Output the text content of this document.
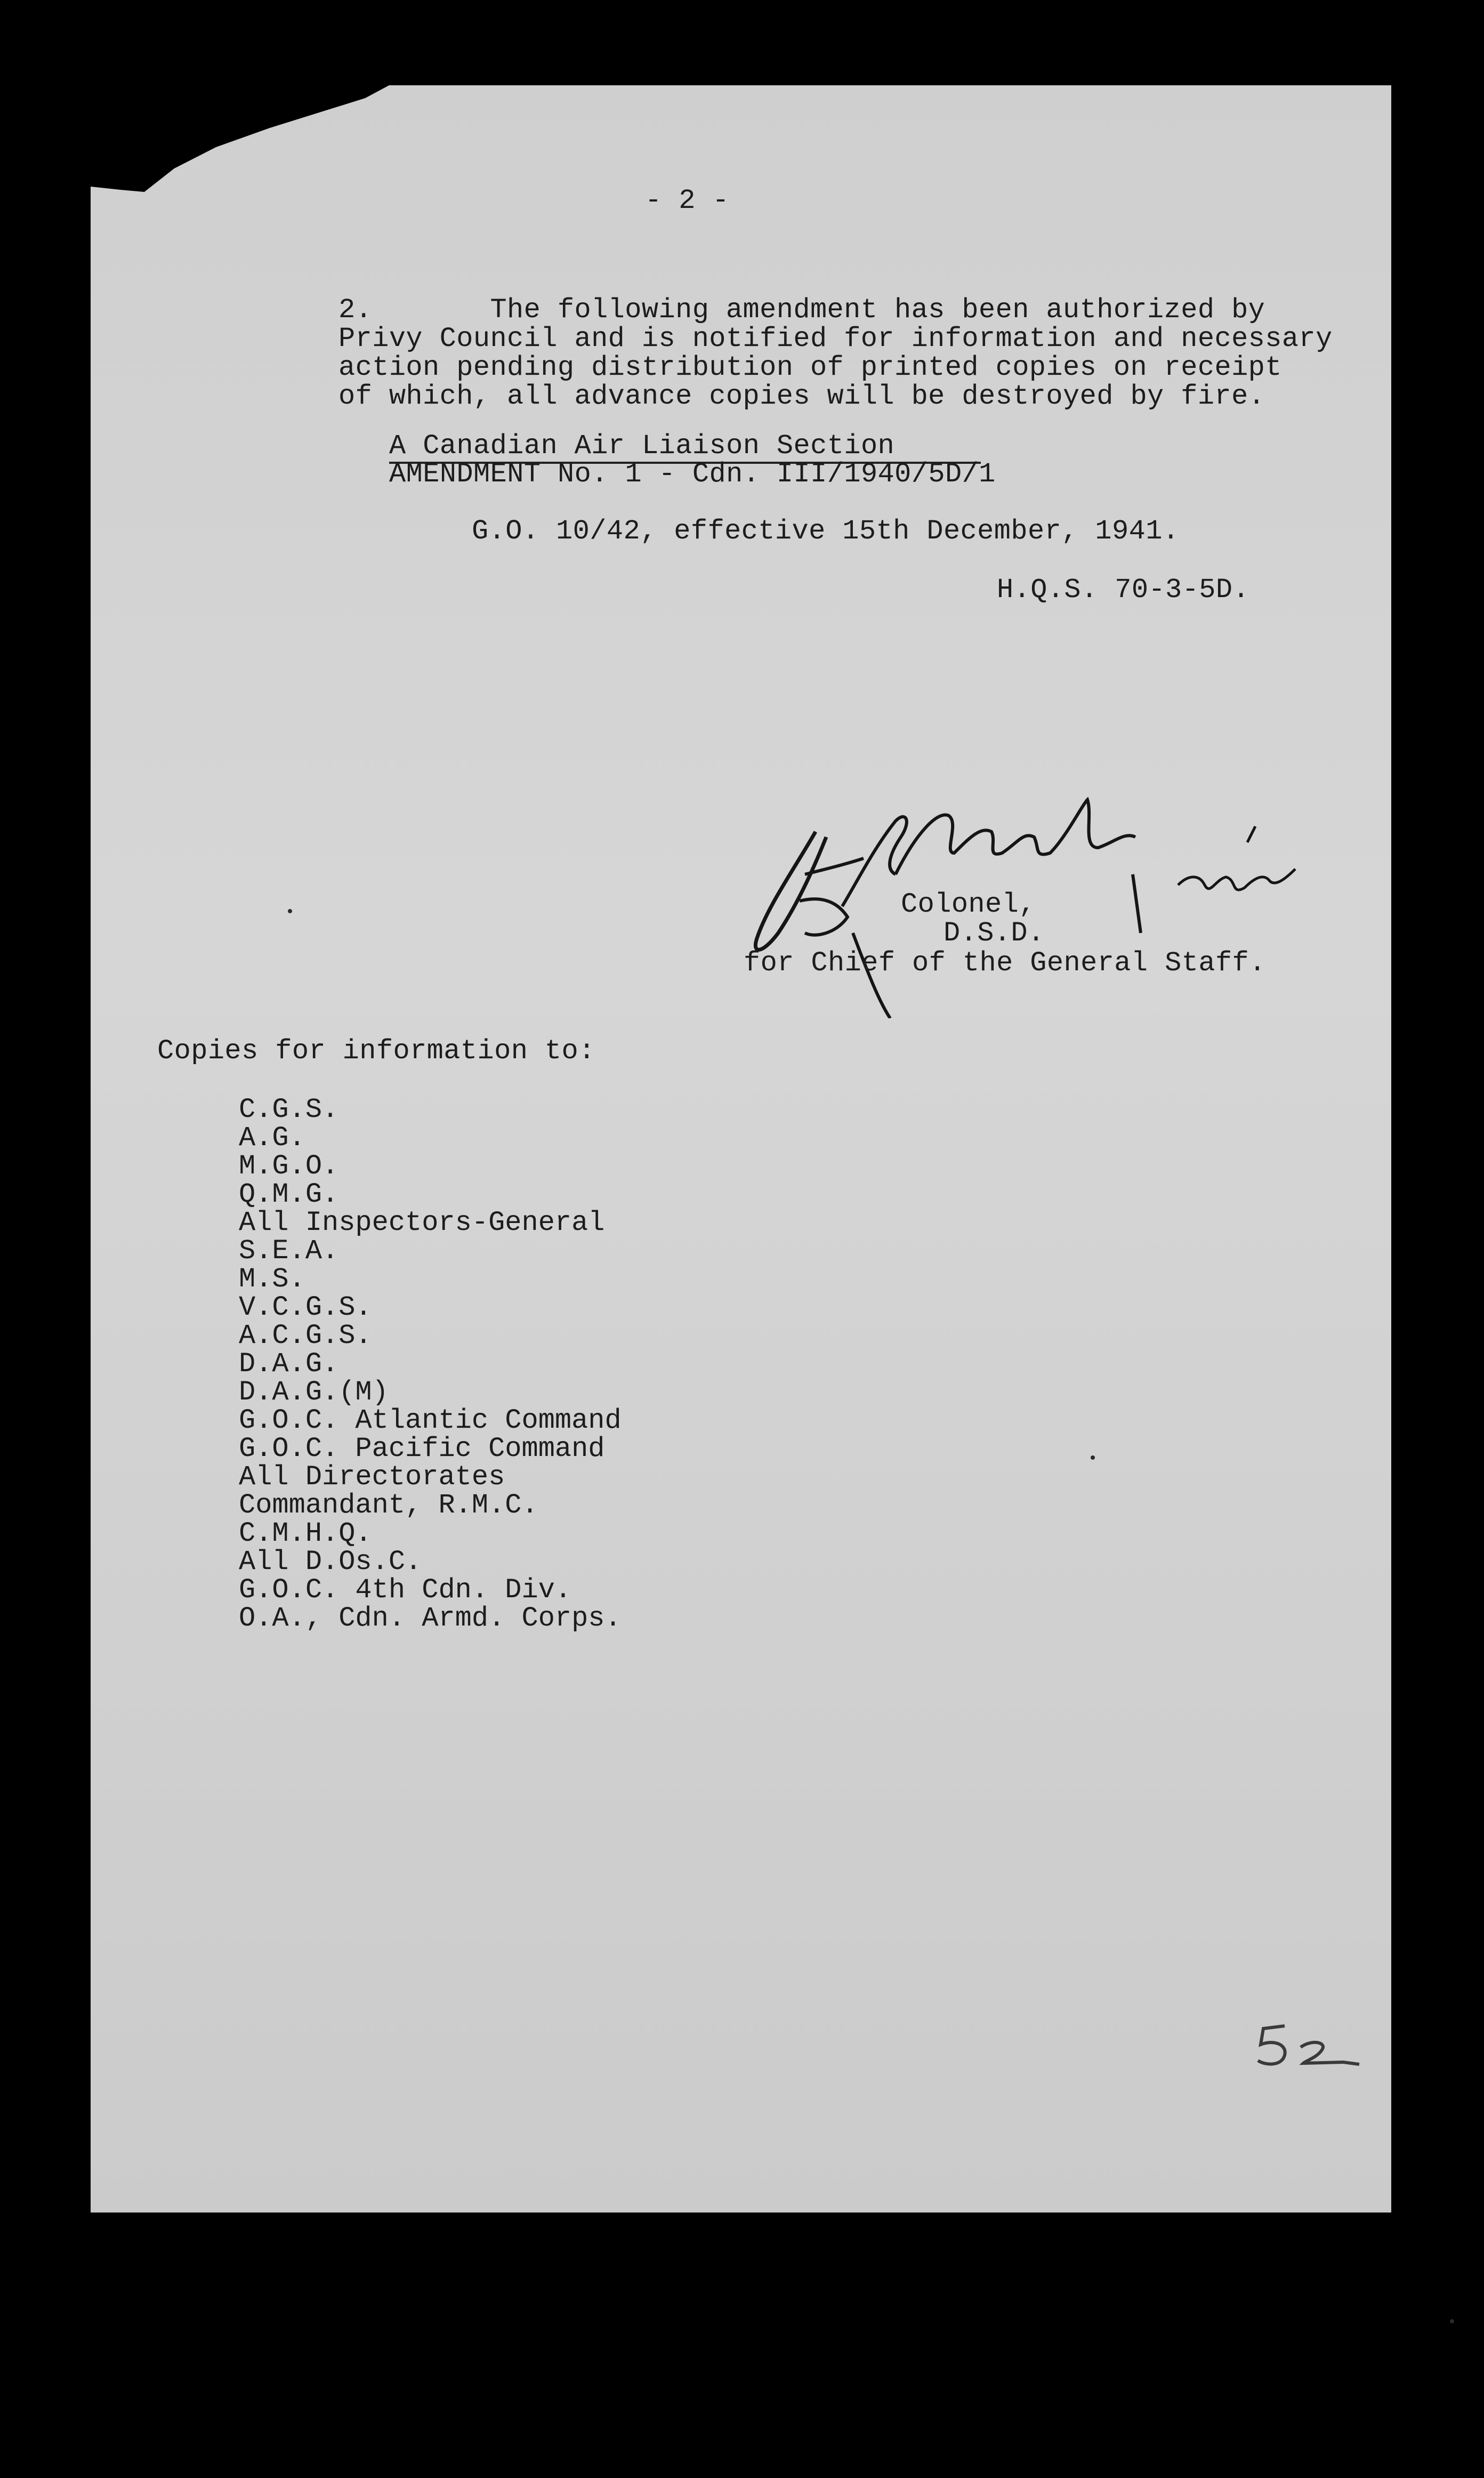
- 2 -
2.       The following amendment has been authorized by
Privy Council and is notified for information and necessary
action pending distribution of printed copies on receipt
of which, all advance copies will be destroyed by fire.
A Canadian Air Liaison Section
AMENDMENT No. 1 - Cdn. III/1940/5D/1
G.O. 10/42, effective 15th December, 1941.
H.Q.S. 70-3-5D.
Colonel,
D.S.D.
for Chief of the General Staff.
Copies for information to:
C.G.S.
A.G.
M.G.O.
Q.M.G.
All Inspectors-General
S.E.A.
M.S.
V.C.G.S.
A.C.G.S.
D.A.G.
D.A.G.(M)
G.O.C. Atlantic Command
G.O.C. Pacific Command
All Directorates
Commandant, R.M.C.
C.M.H.Q.
All D.Os.C.
G.O.C. 4th Cdn. Div.
O.A., Cdn. Armd. Corps.
